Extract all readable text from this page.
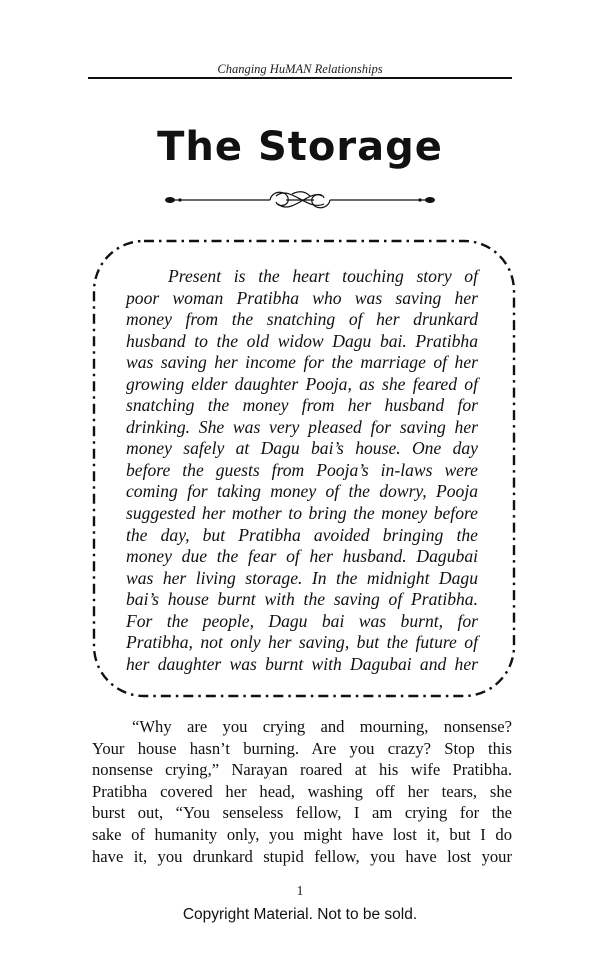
Changing HuMAN Relationships
The Storage
Present is the heart touching story of
poor woman Pratibha who was saving her
money from the snatching of her drunkard
husband to the old widow Dagu bai. Pratibha
was saving her income for the marriage of her
growing elder daughter Pooja, as she feared of
snatching the money from her husband for
drinking. She was very pleased for saving her
money safely at Dagu bai’s house. One day
before the guests from Pooja’s in-laws were
coming for taking money of the dowry, Pooja
suggested her mother to bring the money before
the day, but Pratibha avoided bringing the
money due the fear of her husband. Dagubai
was her living storage. In the midnight Dagu
bai’s house burnt with the saving of Pratibha.
For the people, Dagu bai was burnt, for
Pratibha, not only her saving, but the future of
her daughter was burnt with Dagubai and her
“Why are you crying and mourning, nonsense?
Your house hasn’t burning. Are you crazy? Stop this
nonsense crying,” Narayan roared at his wife Pratibha.
Pratibha covered her head, washing off her tears, she
burst out, “You senseless fellow, I am crying for the
sake of humanity only, you might have lost it, but I do
have it, you drunkard stupid fellow, you have lost your
1
Copyright Material. Not to be sold.
